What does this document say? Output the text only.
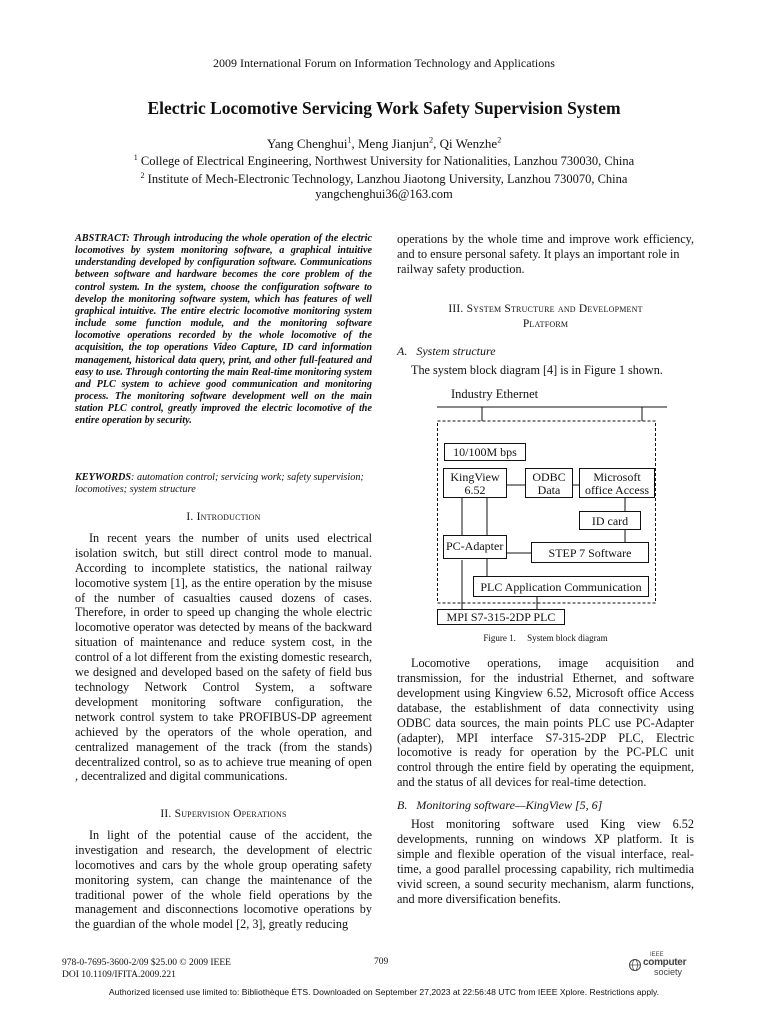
2009 International Forum on Information Technology and Applications
Electric Locomotive Servicing Work Safety Supervision System
Yang Chenghui$^1$, Meng Jianjun$^2$, Qi Wenzhe$^2$
$^1$ College of Electrical Engineering, Northwest University for Nationalities, Lanzhou 730030, China
$^2$ Institute of Mech-Electronic Technology, Lanzhou Jiaotong University, Lanzhou 730070, China
yangchenghui36@163.com
ABSTRACT: Through introducing the whole operation of the electric locomotives by system monitoring software, a graphical intuitive understanding developed by configuration software. Communications between software and hardware becomes the core problem of the control system. In the system, choose the configuration software to develop the monitoring software system, which has features of well graphical intuitive. The entire electric locomotive monitoring system include some function module, and the monitoring software locomotive operations recorded by the whole locomotive of the acquisition, the top operations Video Capture, ID card information management, historical data query, print, and other full-featured and easy to use. Through contorting the main Real-time monitoring system and PLC system to achieve good communication and monitoring process. The monitoring software development well on the main station PLC control, greatly improved the electric locomotive of the entire operation by security.
KEYWORDS: automation control; servicing work; safety supervision; locomotives; system structure
I. Introduction
In recent years the number of units used electrical isolation switch, but still direct control mode to manual. According to incomplete statistics, the national railway locomotive system [1], as the entire operation by the misuse of the number of casualties caused dozens of cases. Therefore, in order to speed up changing the whole electric locomotive operator was detected by means of the backward situation of maintenance and reduce system cost, in the control of a lot different from the existing domestic research, we designed and developed based on the safety of field bus technology Network Control System, a software development monitoring software configuration, the network control system to take PROFIBUS-DP agreement achieved by the operators of the whole operation, and centralized management of the track (from the stands) decentralized control, so as to achieve true meaning of open , decentralized and digital communications.
II. Supervision Operations
In light of the potential cause of the accident, the investigation and research, the development of electric locomotives and cars by the whole group operating safety monitoring system, can change the maintenance of the traditional power of the whole field operations by the management and disconnections locomotive operations by the guardian of the whole model [2, 3], greatly reducing
operations by the whole time and improve work efficiency, and to ensure personal safety. It plays an important role in
railway safety production.
III. System Structure and Development
Platform
A. System structure
The system block diagram [4] is in Figure 1 shown.
Industry Ethernet
10/100M bps
KingView
6.52
ODBC
Data
Microsoft
office Access
ID card
PC-Adapter	STEP 7 Software
PLC Application Communication
MPI S7-315-2DP PLC
Figure 1.  System block diagram
Locomotive operations, image acquisition and transmission, for the industrial Ethernet, and software development using Kingview 6.52, Microsoft office Access database, the establishment of data connectivity using ODBC data sources, the main points PLC use PC-Adapter (adapter), MPI interface S7-315-2DP PLC, Electric locomotive is ready for operation by the PC-PLC unit control through the entire field by operating the equipment, and the status of all devices for real-time detection.
B. Monitoring software—KingView [5, 6]
Host monitoring software used King view 6.52 developments, running on windows XP platform. It is simple and flexible operation of the visual interface, real-time, a good parallel processing capability, rich multimedia vivid screen, a sound security mechanism, alarm functions, and more diversification benefits.
978-0-7695-3600-2/09 $25.00 © 2009 IEEE
DOI 10.1109/IFITA.2009.221
709
IEEE
computer
society
Authorized licensed use limited to: Bibliothèque ÉTS. Downloaded on September 27,2023 at 22:56:48 UTC from IEEE Xplore. Restrictions apply.
